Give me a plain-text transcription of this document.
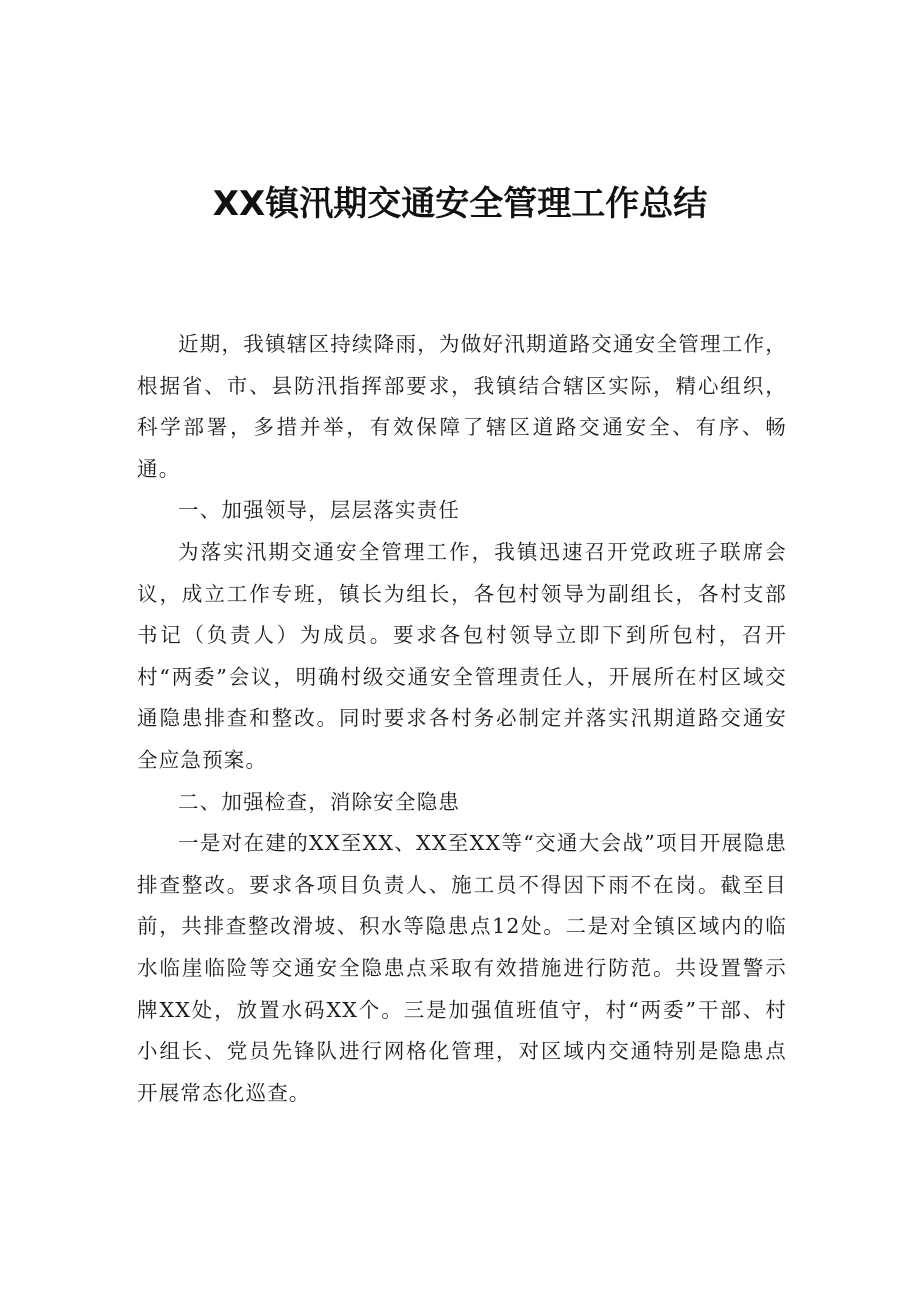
XX镇汛期交通安全管理工作总结

近期，我镇辖区持续降雨，为做好汛期道路交通安全管理工作，根据省、市、县防汛指挥部要求，我镇结合辖区实际，精心组织，科学部署，多措并举，有效保障了辖区道路交通安全、有序、畅通。

一、加强领导，层层落实责任

为落实汛期交通安全管理工作，我镇迅速召开党政班子联席会议，成立工作专班，镇长为组长，各包村领导为副组长，各村支部书记（负责人）为成员。要求各包村领导立即下到所包村，召开村“两委”会议，明确村级交通安全管理责任人，开展所在村区域交通隐患排查和整改。同时要求各村务必制定并落实汛期道路交通安全应急预案。

二、加强检查，消除安全隐患

一是对在建的XX至XX、XX至XX等“交通大会战”项目开展隐患排查整改。要求各项目负责人、施工员不得因下雨不在岗。截至目前，共排查整改滑坡、积水等隐患点12处。二是对全镇区域内的临水临崖临险等交通安全隐患点采取有效措施进行防范。共设置警示牌XX处，放置水码XX个。三是加强值班值守，村“两委”干部、村小组长、党员先锋队进行网格化管理，对区域内交通特别是隐患点开展常态化巡查。
